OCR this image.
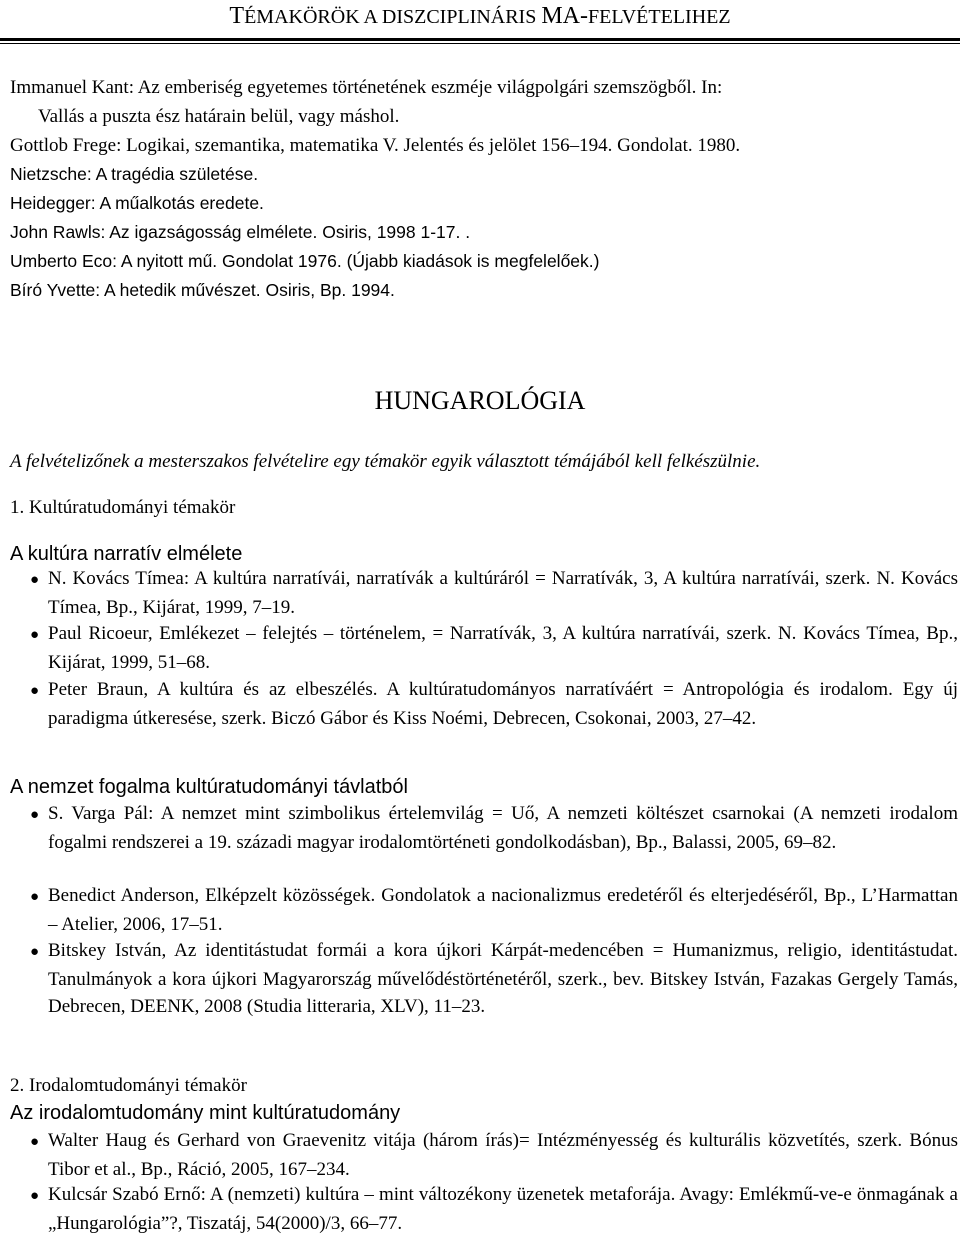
TÉMAKÖRÖK A DISZCIPLINÁRIS MA-FELVÉTELIHEZ
Immanuel Kant: Az emberiség egyetemes történetének eszméje világpolgári szemszögből. In:
Vallás a puszta ész határain belül, vagy máshol.
Gottlob Frege: Logikai, szemantika, matematika V. Jelentés és jelölet 156–194. Gondolat. 1980.
Nietzsche: A tragédia születése.
Heidegger: A műalkotás eredete.
John Rawls: Az igazságosság elmélete. Osiris, 1998 1-17. .
Umberto Eco: A nyitott mű. Gondolat 1976. (Újabb kiadások is megfelelőek.)
Bíró Yvette: A hetedik művészet. Osiris, Bp. 1994.
HUNGAROLÓGIA
A felvételizőnek a mesterszakos felvételire egy témakör egyik választott témájából kell felkészülnie.
1. Kultúratudományi témakör
A kultúra narratív elmélete
● N. Kovács Tímea: A kultúra narratívái, narratívák a kultúráról = Narratívák, 3, A kultúra narratívái, szerk. N. Kovács Tímea, Bp., Kijárat, 1999, 7–19.
● Paul Ricoeur, Emlékezet – felejtés – történelem, = Narratívák, 3, A kultúra narratívái, szerk. N. Kovács Tímea, Bp., Kijárat, 1999, 51–68.
● Peter Braun, A kultúra és az elbeszélés. A kultúratudományos narratíváért = Antropológia és irodalom. Egy új paradigma útkeresése, szerk. Biczó Gábor és Kiss Noémi, Debrecen, Csokonai, 2003, 27–42.
A nemzet fogalma kultúratudományi távlatból
● S. Varga Pál: A nemzet mint szimbolikus értelemvilág = Uő, A nemzeti költészet csarnokai (A nemzeti irodalom fogalmi rendszerei a 19. századi magyar irodalomtörténeti gondolkodásban), Bp., Balassi, 2005, 69–82.
● Benedict Anderson, Elképzelt közösségek. Gondolatok a nacionalizmus eredetéről és elterjedéséről, Bp., L’Harmattan – Atelier, 2006, 17–51.
● Bitskey István, Az identitástudat formái a kora újkori Kárpát-medencében = Humanizmus, religio, identitástudat. Tanulmányok a kora újkori Magyarország művelődéstörténetéről, szerk., bev. Bitskey István, Fazakas Gergely Tamás, Debrecen, DEENK, 2008 (Studia litteraria, XLV), 11–23.
2. Irodalomtudományi témakör
Az irodalomtudomány mint kultúratudomány
● Walter Haug és Gerhard von Graevenitz vitája (három írás)= Intézményesség és kulturális közvetítés, szerk. Bónus Tibor et al., Bp., Ráció, 2005, 167–234.
● Kulcsár Szabó Ernő: A (nemzeti) kultúra – mint változékony üzenetek metaforája. Avagy: Emlékmű-ve-e önmagának a „Hungarológia”?, Tiszatáj, 54(2000)/3, 66–77.
